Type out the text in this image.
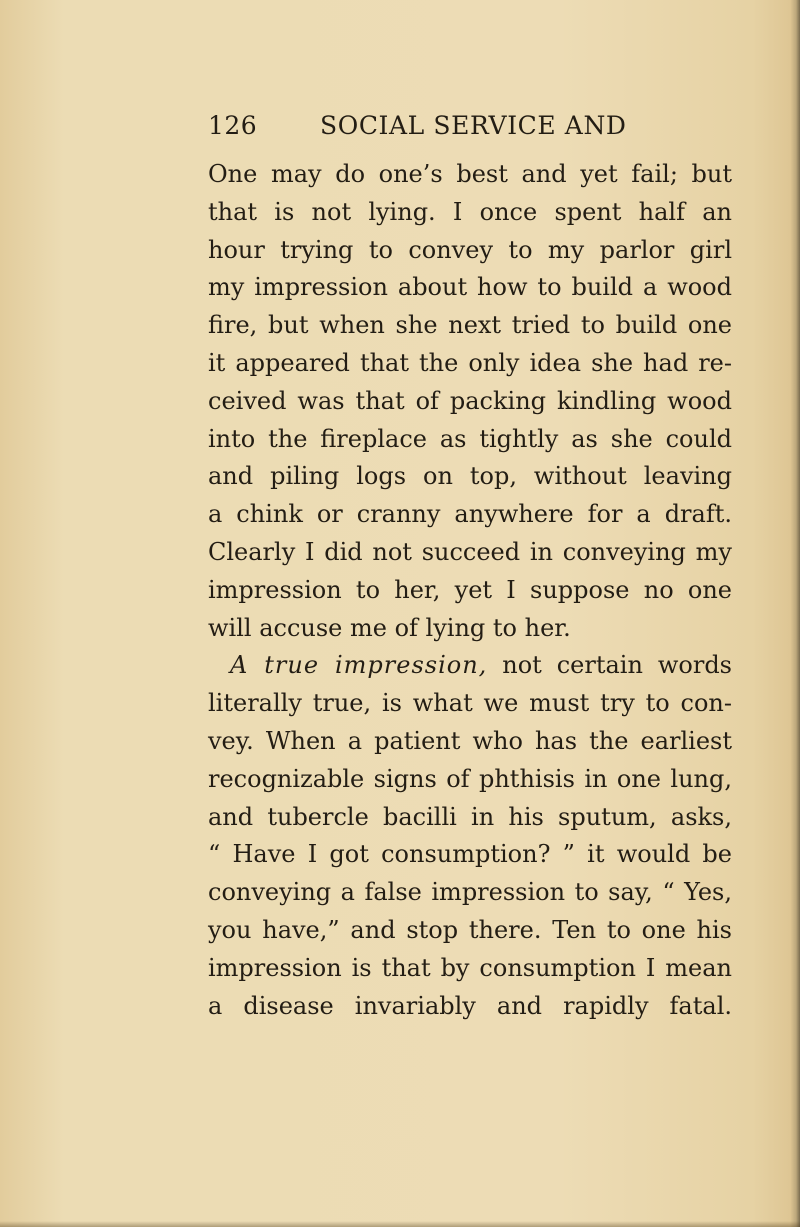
126	SOCIAL SERVICE AND
One may do one’s best and yet fail; but
that is not lying. I once spent half an
hour trying to convey to my parlor girl
my impression about how to build a wood
fire, but when she next tried to build one
it appeared that the only idea she had re-
ceived was that of packing kindling wood
into the fireplace as tightly as she could
and piling logs on top, without leaving
a chink or cranny anywhere for a draft.
Clearly I did not succeed in conveying my
impression to her, yet I suppose no one
will accuse me of lying to her.
A true impression, not certain words
literally true, is what we must try to con-
vey. When a patient who has the earliest
recognizable signs of phthisis in one lung,
and tubercle bacilli in his sputum, asks,
“ Have I got consumption? ” it would be
conveying a false impression to say, “ Yes,
you have,” and stop there. Ten to one his
impression is that by consumption I mean
a disease invariably and rapidly fatal.
